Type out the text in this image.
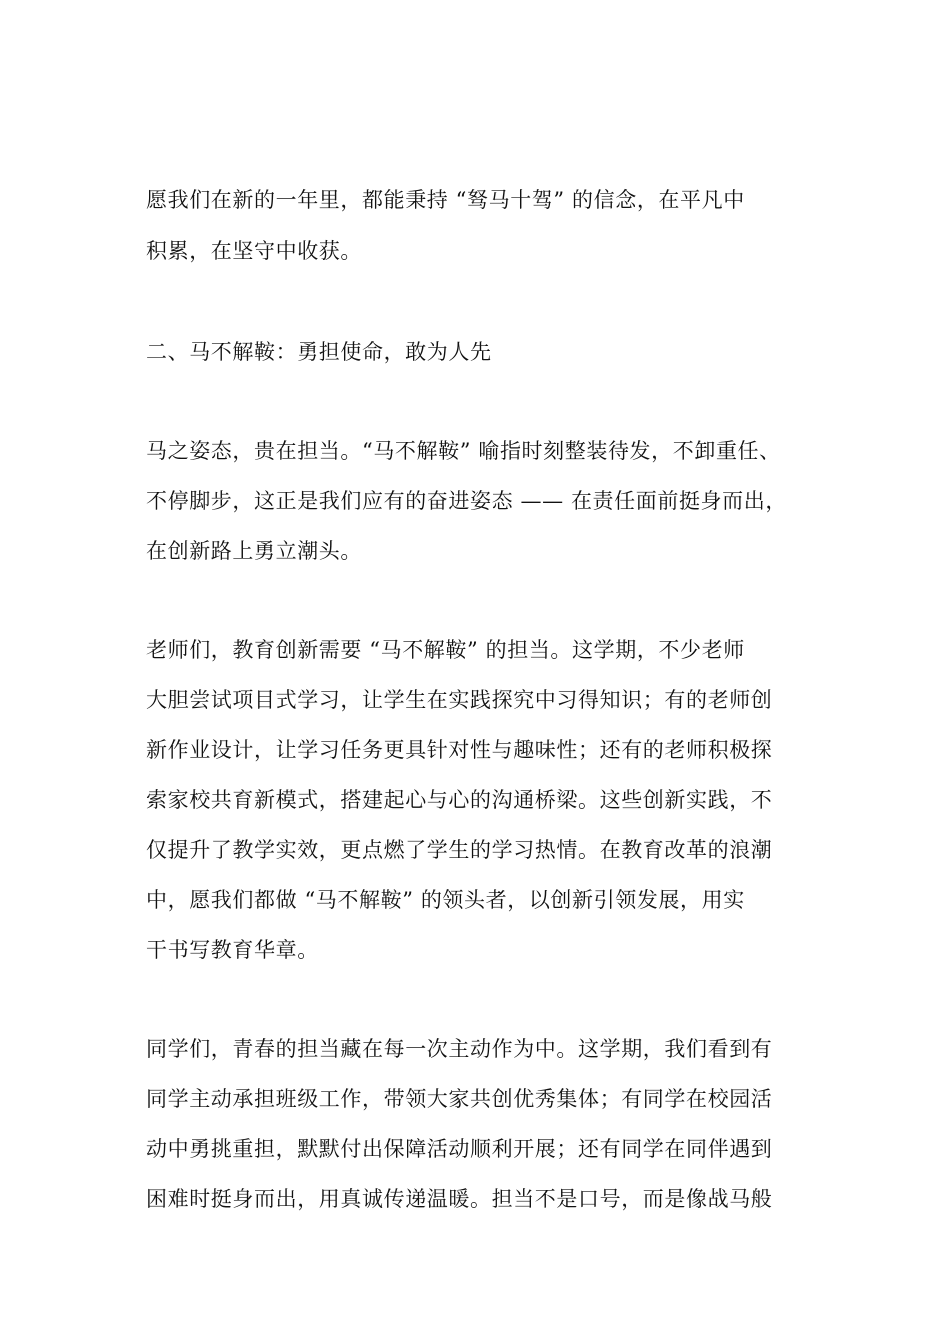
愿我们在新的一年里，都能秉持 “驽马十驾” 的信念，在平凡中
积累，在坚守中收获。
二、马不解鞍：勇担使命，敢为人先
马之姿态，贵在担当。“马不解鞍” 喻指时刻整装待发，不卸重任、
不停脚步，这正是我们应有的奋进姿态 —— 在责任面前挺身而出，
在创新路上勇立潮头。
老师们，教育创新需要 “马不解鞍” 的担当。这学期，不少老师
大胆尝试项目式学习，让学生在实践探究中习得知识；有的老师创
新作业设计，让学习任务更具针对性与趣味性；还有的老师积极探
索家校共育新模式，搭建起心与心的沟通桥梁。这些创新实践，不
仅提升了教学实效，更点燃了学生的学习热情。在教育改革的浪潮
中，愿我们都做 “马不解鞍” 的领头者，以创新引领发展，用实
干书写教育华章。
同学们，青春的担当藏在每一次主动作为中。这学期，我们看到有
同学主动承担班级工作，带领大家共创优秀集体；有同学在校园活
动中勇挑重担，默默付出保障活动顺利开展；还有同学在同伴遇到
困难时挺身而出，用真诚传递温暖。担当不是口号，而是像战马般
